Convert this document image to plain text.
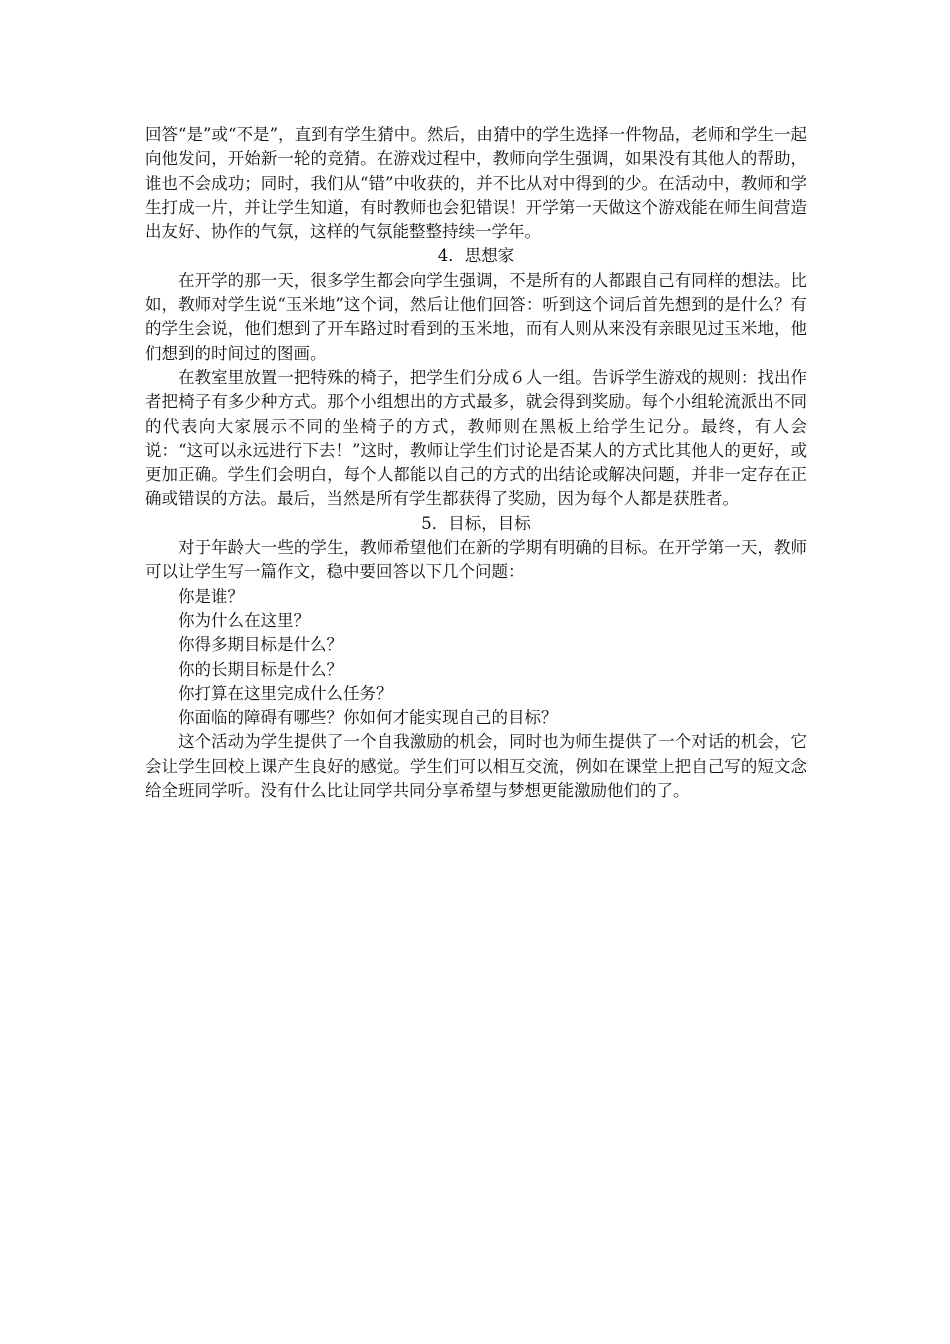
回答“是”或“不是”，直到有学生猜中。然后，由猜中的学生选择一件物品，老师和学生一起向他发问，开始新一轮的竞猜。在游戏过程中，教师向学生强调，如果没有其他人的帮助，谁也不会成功；同时，我们从“错”中收获的，并不比从对中得到的少。在活动中，教师和学生打成一片，并让学生知道，有时教师也会犯错误！开学第一天做这个游戏能在师生间营造出友好、协作的气氛，这样的气氛能整整持续一学年。

4．思想家

在开学的那一天，很多学生都会向学生强调，不是所有的人都跟自己有同样的想法。比如，教师对学生说“玉米地”这个词，然后让他们回答：听到这个词后首先想到的是什么？有的学生会说，他们想到了开车路过时看到的玉米地，而有人则从来没有亲眼见过玉米地，他们想到的时间过的图画。

在教室里放置一把特殊的椅子，把学生们分成６人一组。告诉学生游戏的规则：找出作者把椅子有多少种方式。那个小组想出的方式最多，就会得到奖励。每个小组轮流派出不同的代表向大家展示不同的坐椅子的方式，教师则在黑板上给学生记分。最终，有人会说：“这可以永远进行下去！”这时，教师让学生们讨论是否某人的方式比其他人的更好，或更加正确。学生们会明白，每个人都能以自己的方式的出结论或解决问题，并非一定存在正确或错误的方法。最后，当然是所有学生都获得了奖励，因为每个人都是获胜者。

5．目标，目标

对于年龄大一些的学生，教师希望他们在新的学期有明确的目标。在开学第一天，教师可以让学生写一篇作文，稳中要回答以下几个问题：

你是谁？

你为什么在这里？

你得多期目标是什么？

你的长期目标是什么？

你打算在这里完成什么任务？

你面临的障碍有哪些？你如何才能实现自己的目标？

这个活动为学生提供了一个自我激励的机会，同时也为师生提供了一个对话的机会，它会让学生回校上课产生良好的感觉。学生们可以相互交流，例如在课堂上把自己写的短文念给全班同学听。没有什么比让同学共同分享希望与梦想更能激励他们的了。
